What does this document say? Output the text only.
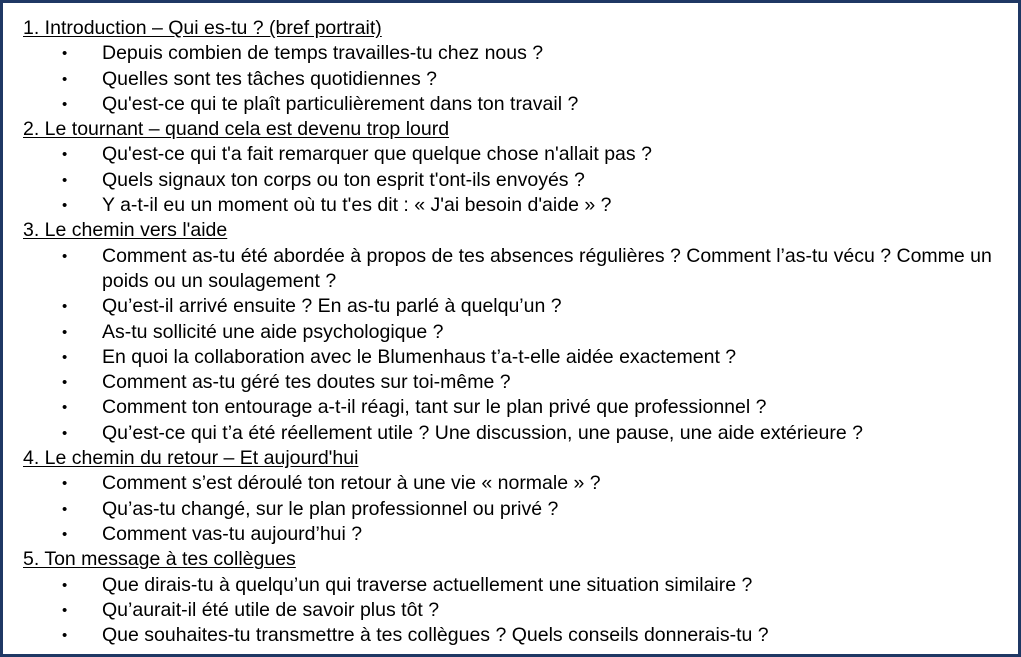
1. Introduction – Qui es-tu ? (bref portrait)
• Depuis combien de temps travailles-tu chez nous ?
• Quelles sont tes tâches quotidiennes ?
• Qu'est-ce qui te plaît particulièrement dans ton travail ?
2. Le tournant – quand cela est devenu trop lourd
• Qu'est-ce qui t'a fait remarquer que quelque chose n'allait pas ?
• Quels signaux ton corps ou ton esprit t'ont-ils envoyés ?
• Y a-t-il eu un moment où tu t'es dit : « J'ai besoin d'aide » ?
3. Le chemin vers l'aide
• Comment as-tu été abordée à propos de tes absences régulières ? Comment l’as-tu vécu ? Comme un poids ou un soulagement ?
• Qu’est-il arrivé ensuite ? En as-tu parlé à quelqu’un ?
• As-tu sollicité une aide psychologique ?
• En quoi la collaboration avec le Blumenhaus t’a-t-elle aidée exactement ?
• Comment as-tu géré tes doutes sur toi-même ?
• Comment ton entourage a-t-il réagi, tant sur le plan privé que professionnel ?
• Qu’est-ce qui t’a été réellement utile ? Une discussion, une pause, une aide extérieure ?
4. Le chemin du retour – Et aujourd'hui
• Comment s’est déroulé ton retour à une vie « normale » ?
• Qu’as-tu changé, sur le plan professionnel ou privé ?
• Comment vas-tu aujourd’hui ?
5. Ton message à tes collègues
• Que dirais-tu à quelqu’un qui traverse actuellement une situation similaire ?
• Qu’aurait-il été utile de savoir plus tôt ?
• Que souhaites-tu transmettre à tes collègues ? Quels conseils donnerais-tu ?
